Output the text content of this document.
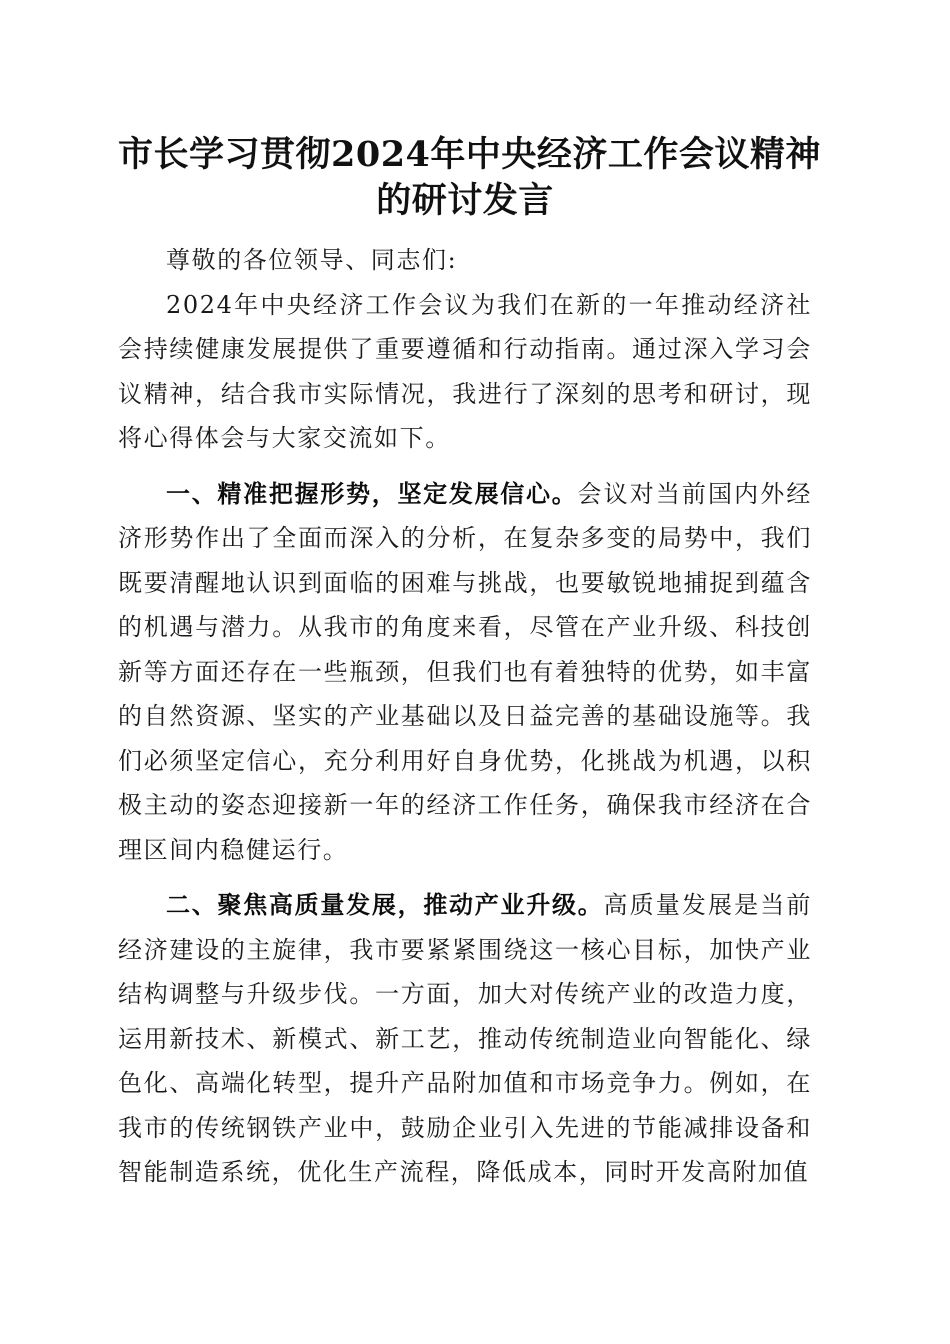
市长学习贯彻2024年中央经济工作会议精神
的研讨发言

尊敬的各位领导、同志们:

2024年中央经济工作会议为我们在新的一年推动经济社会持续健康发展提供了重要遵循和行动指南。通过深入学习会议精神，结合我市实际情况，我进行了深刻的思考和研讨，现将心得体会与大家交流如下。

一、精准把握形势，坚定发展信心。会议对当前国内外经济形势作出了全面而深入的分析，在复杂多变的局势中，我们既要清醒地认识到面临的困难与挑战，也要敏锐地捕捉到蕴含的机遇与潜力。从我市的角度来看，尽管在产业升级、科技创新等方面还存在一些瓶颈，但我们也有着独特的优势，如丰富的自然资源、坚实的产业基础以及日益完善的基础设施等。我们必须坚定信心，充分利用好自身优势，化挑战为机遇，以积极主动的姿态迎接新一年的经济工作任务，确保我市经济在合理区间内稳健运行。

二、聚焦高质量发展，推动产业升级。高质量发展是当前经济建设的主旋律，我市要紧紧围绕这一核心目标，加快产业结构调整与升级步伐。一方面，加大对传统产业的改造力度，运用新技术、新模式、新工艺，推动传统制造业向智能化、绿色化、高端化转型，提升产品附加值和市场竞争力。例如，在我市的传统钢铁产业中，鼓励企业引入先进的节能减排设备和智能制造系统，优化生产流程，降低成本，同时开发高附加值
